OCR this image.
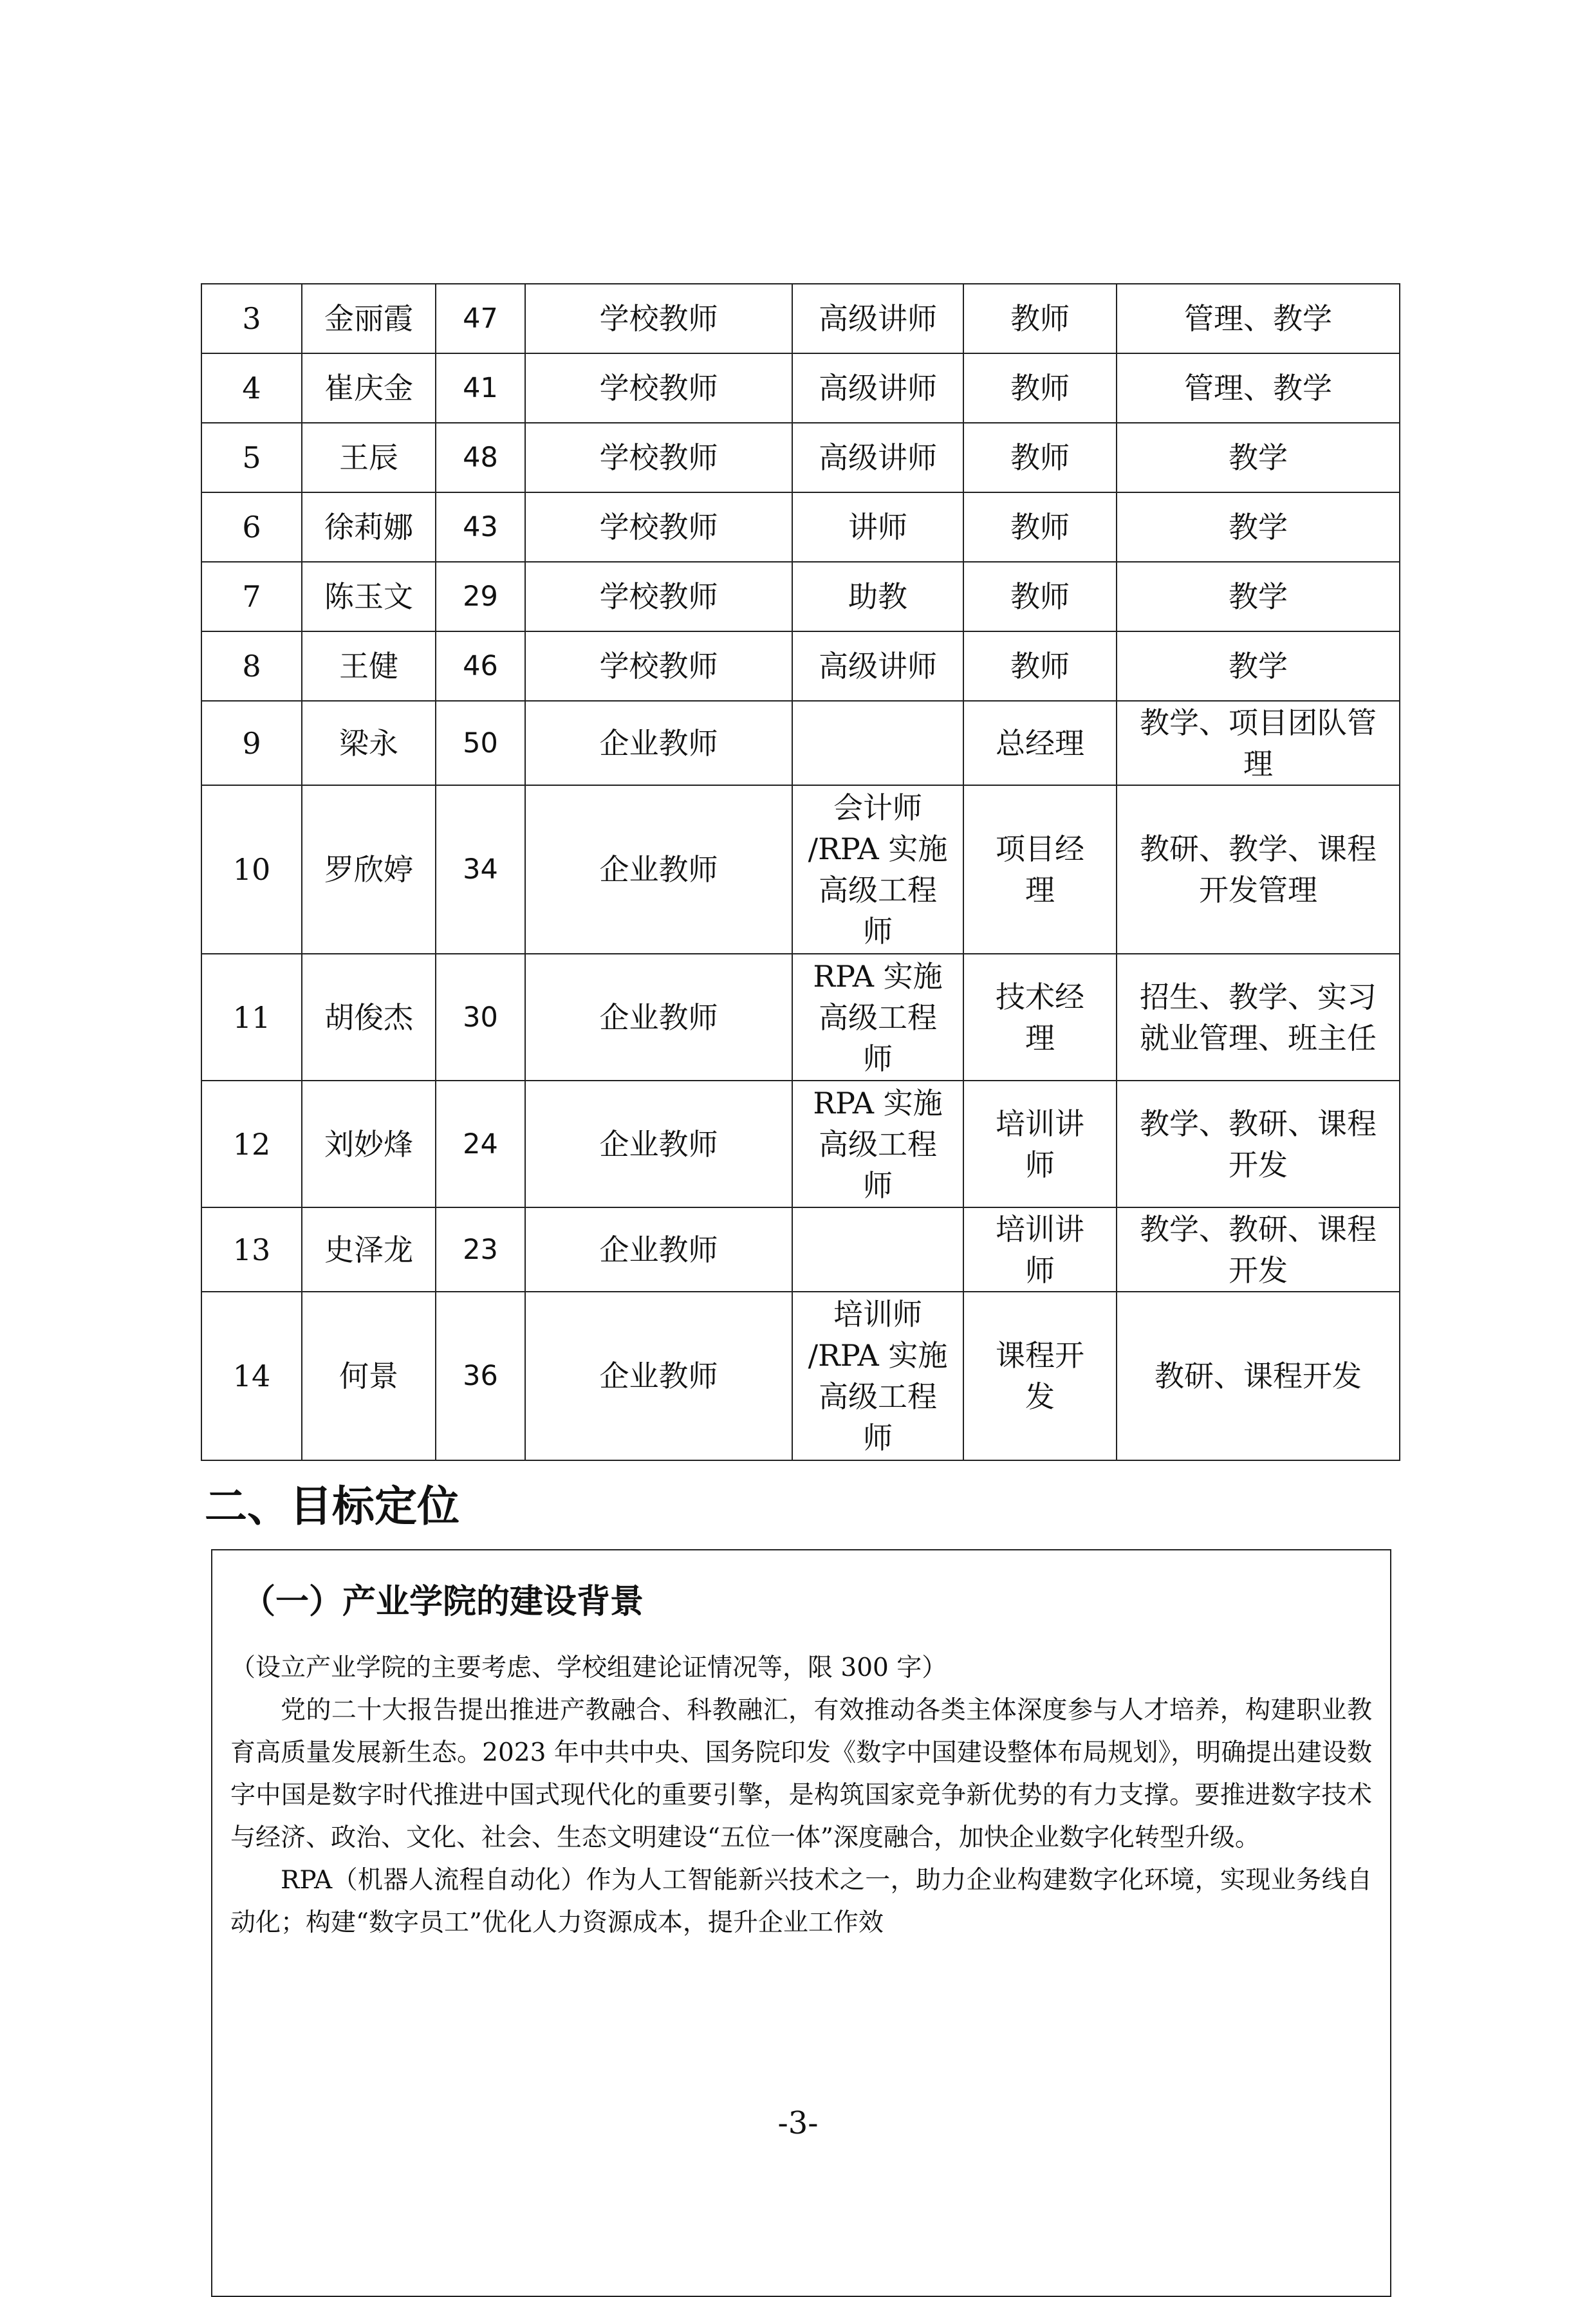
3	金丽霞	47	学校教师	高级讲师	教师	管理、教学

4	崔庆金	41	学校教师	高级讲师	教师	管理、教学

5	王辰	48	学校教师	高级讲师	教师	教学

6	徐莉娜	43	学校教师	讲师	教师	教学

7	陈玉文	29	学校教师	助教	教师	教学

8	王健	46	学校教师	高级讲师	教师	教学

9	梁永	50	企业教师		总经理	教学、项目团队管
理

10	罗欣婷	34	企业教师	会计师
/RPA 实施
高级工程
师	项目经
理	教研、教学、课程
开发管理

11	胡俊杰	30	企业教师	RPA 实施
高级工程
师	技术经
理	招生、教学、实习
就业管理、班主任

12	刘妙烽	24	企业教师	RPA 实施
高级工程
师	培训讲
师	教学、教研、课程
开发

13	史泽龙	23	企业教师		培训讲
师	教学、教研、课程
开发

14	何景	36	企业教师	培训师
/RPA 实施
高级工程
师	课程开
发	教研、课程开发
二、目标定位
（一）产业学院的建设背景

（设立产业学院的主要考虑、学校组建论证情况等，限 300 字）

党的二十大报告提出推进产教融合、科教融汇，有效推动各类主体深度参与人才培养，构建职业教育高质量发展新生态。2023 年中共中央、国务院印发《数字中国建设整体布局规划》，明确提出建设数字中国是数字时代推进中国式现代化的重要引擎，是构筑国家竞争新优势的有力支撑。要推进数字技术与经济、政治、文化、社会、生态文明建设“五位一体”深度融合，加快企业数字化转型升级。

RPA（机器人流程自动化）作为人工智能新兴技术之一，助力企业构建数字化环境，实现业务线自动化；构建“数字员工”优化人力资源成本，提升企业工作效

-3-
